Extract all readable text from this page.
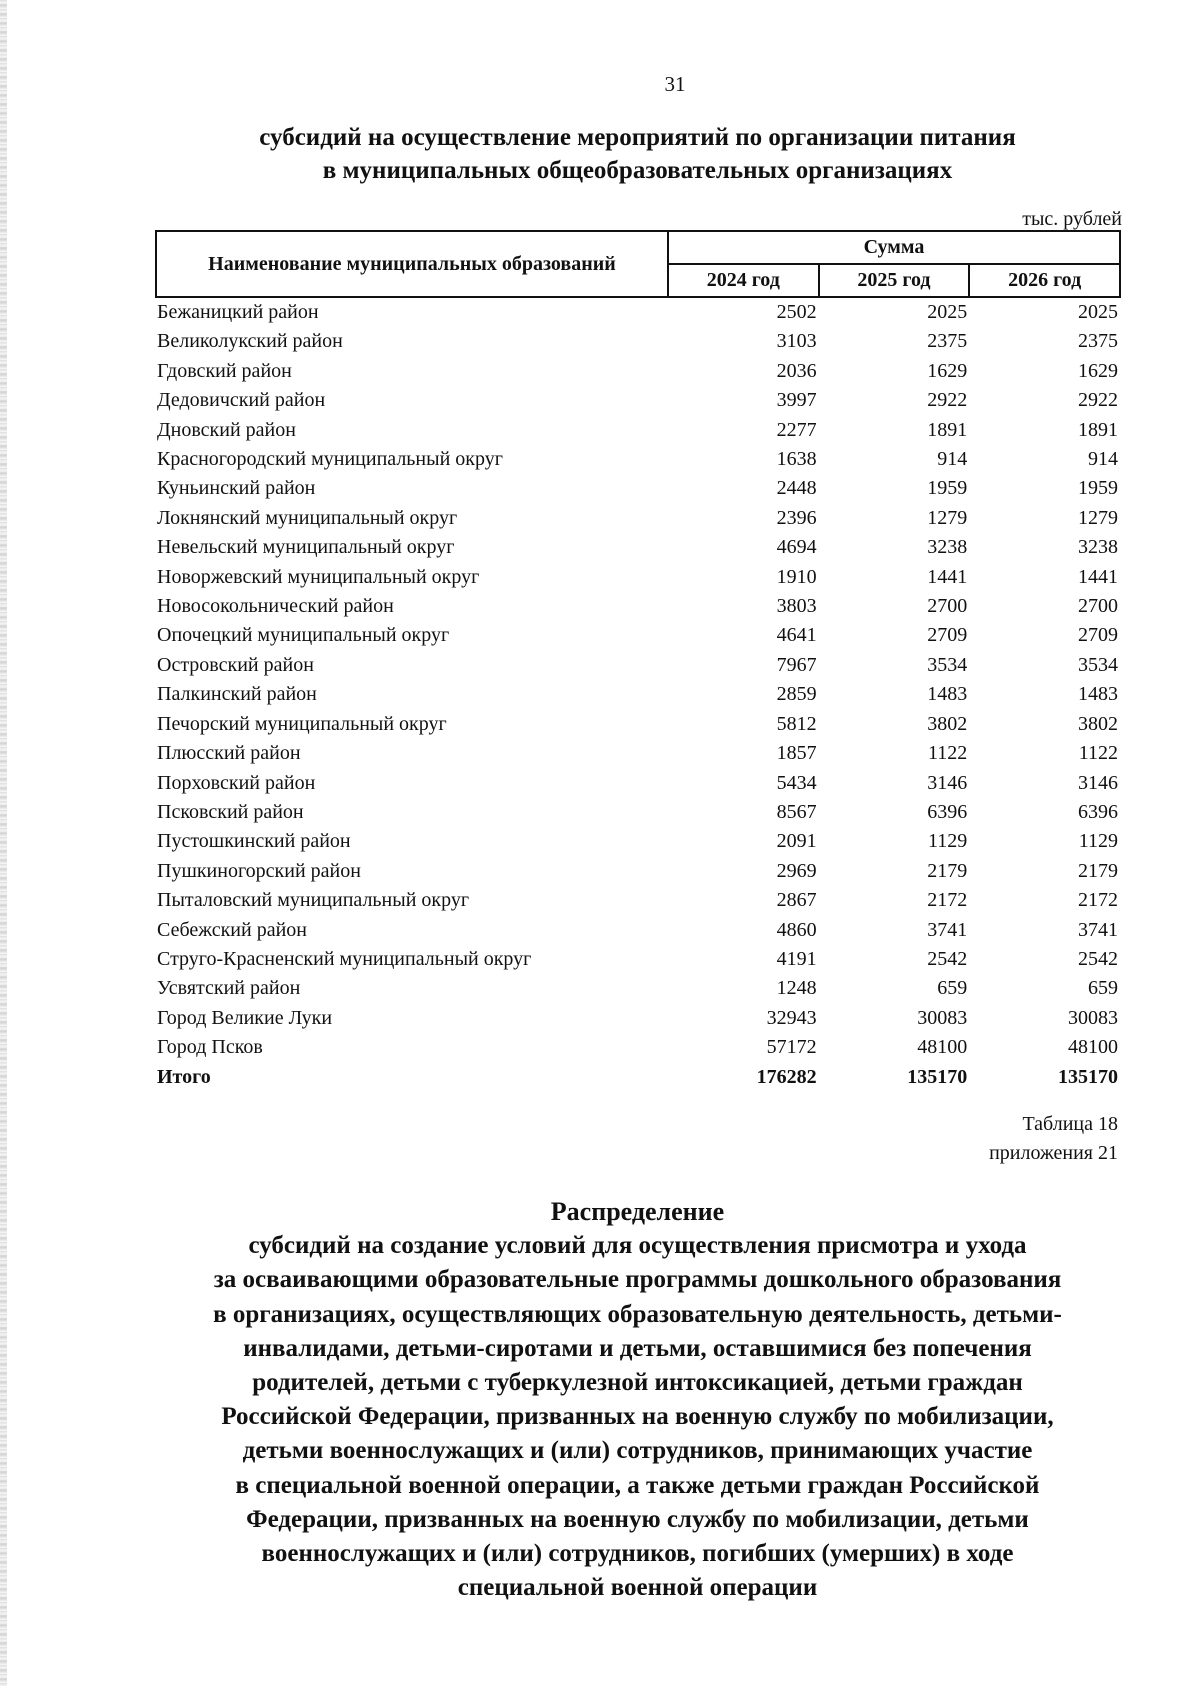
31
субсидий на осуществление мероприятий по организации питания
в муниципальных общеобразовательных организациях
тыс. рублей
Наименование муниципальных образований	Сумма		
	2024 год	2025 год	2026 год
Бежаницкий район	2502	2025	2025
Великолукский район	3103	2375	2375
Гдовский район	2036	1629	1629
Дедовичский район	3997	2922	2922
Дновский район	2277	1891	1891
Красногородский муниципальный округ	1638	914	914
Куньинский район	2448	1959	1959
Локнянский муниципальный округ	2396	1279	1279
Невельский муниципальный округ	4694	3238	3238
Новоржевский муниципальный округ	1910	1441	1441
Новосокольнический район	3803	2700	2700
Опочецкий муниципальный округ	4641	2709	2709
Островский район	7967	3534	3534
Палкинский район	2859	1483	1483
Печорский муниципальный округ	5812	3802	3802
Плюсский район	1857	1122	1122
Порховский район	5434	3146	3146
Псковский район	8567	6396	6396
Пустошкинский район	2091	1129	1129
Пушкиногорский район	2969	2179	2179
Пыталовский муниципальный округ	2867	2172	2172
Себежский район	4860	3741	3741
Струго-Красненский муниципальный округ	4191	2542	2542
Усвятский район	1248	659	659
Город Великие Луки	32943	30083	30083
Город Псков	57172	48100	48100
Итого	176282	135170	135170
Таблица 18
приложения 21
Распределение
субсидий на создание условий для осуществления присмотра и ухода
за осваивающими образовательные программы дошкольного образования
в организациях, осуществляющих образовательную деятельность, детьми-
инвалидами, детьми-сиротами и детьми, оставшимися без попечения
родителей, детьми с туберкулезной интоксикацией, детьми граждан
Российской Федерации, призванных на военную службу по мобилизации,
детьми военнослужащих и (или) сотрудников, принимающих участие
в специальной военной операции, а также детьми граждан Российской
Федерации, призванных на военную службу по мобилизации, детьми
военнослужащих и (или) сотрудников, погибших (умерших) в ходе
специальной военной операции
